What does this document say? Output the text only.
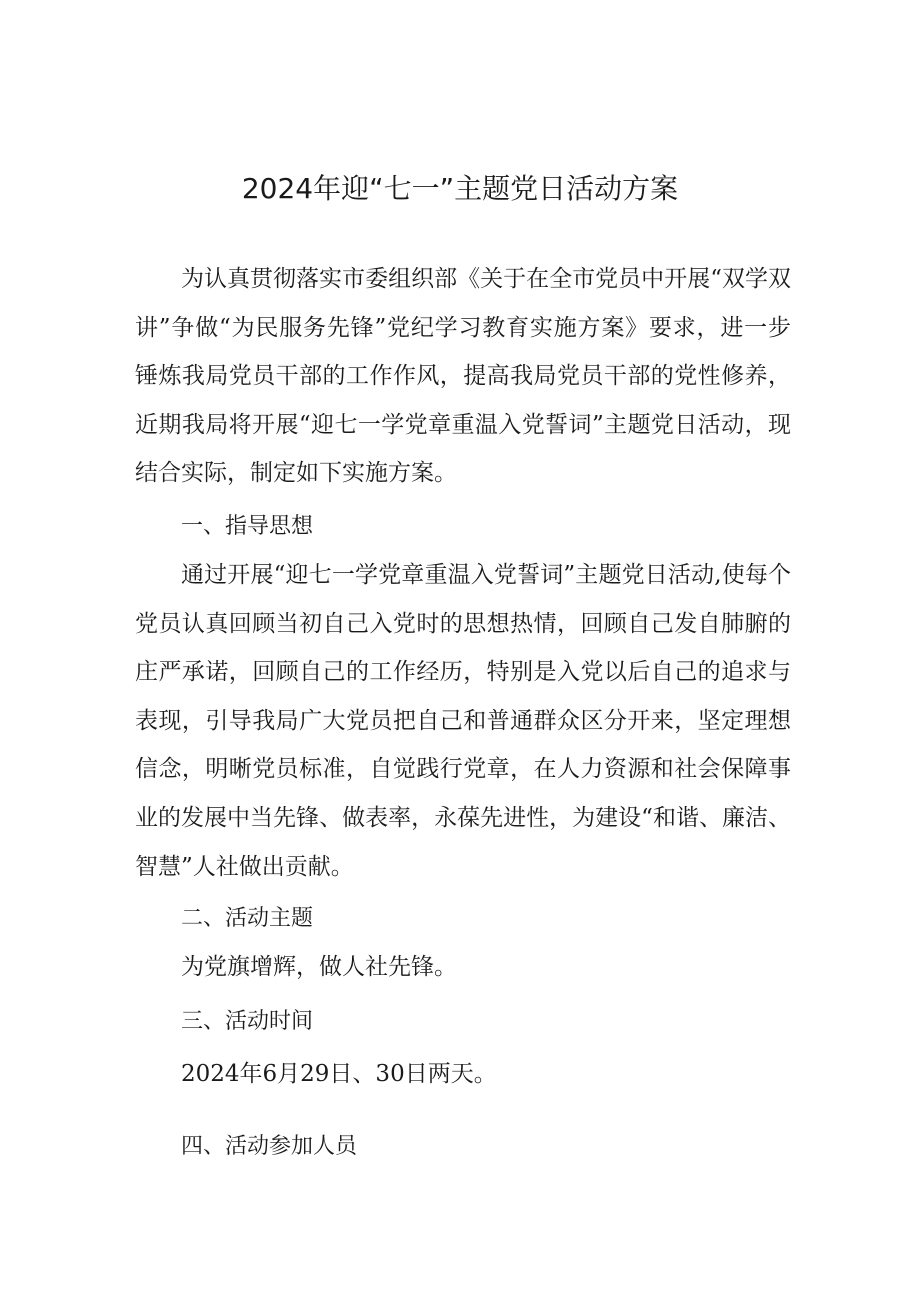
2024年迎“七一”主题党日活动方案

为认真贯彻落实市委组织部《关于在全市党员中开展“双学双讲”争做“为民服务先锋”党纪学习教育实施方案》要求，进一步锤炼我局党员干部的工作作风，提高我局党员干部的党性修养，近期我局将开展“迎七一学党章重温入党誓词”主题党日活动，现结合实际，制定如下实施方案。

一、指导思想

通过开展“迎七一学党章重温入党誓词”主题党日活动,使每个党员认真回顾当初自己入党时的思想热情，回顾自己发自肺腑的庄严承诺，回顾自己的工作经历，特别是入党以后自己的追求与表现，引导我局广大党员把自己和普通群众区分开来，坚定理想信念，明晰党员标准，自觉践行党章，在人力资源和社会保障事业的发展中当先锋、做表率，永葆先进性，为建设“和谐、廉洁、智慧”人社做出贡献。

二、活动主题

为党旗增辉，做人社先锋。

三、活动时间

2024年6月29日、30日两天。

四、活动参加人员
